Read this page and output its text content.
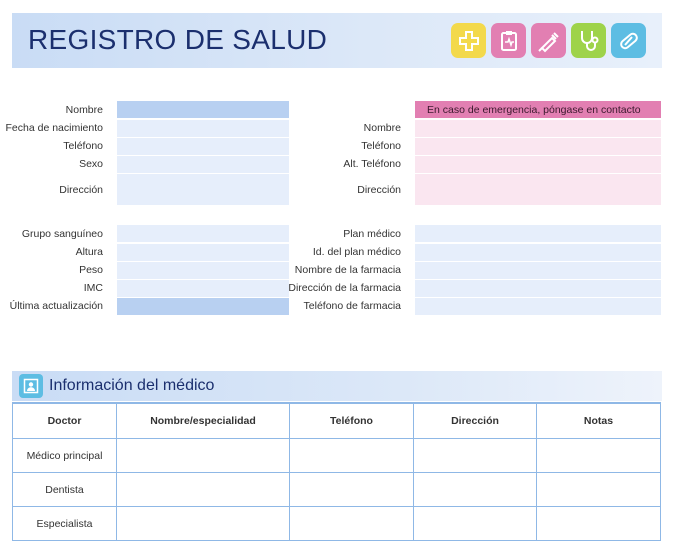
REGISTRO DE SALUD
Nombre
Fecha de nacimiento
Teléfono
Sexo
Dirección
En caso de emergencia, póngase en contacto
Nombre
Teléfono
Alt. Teléfono
Dirección
Grupo sanguíneo
Altura
Peso
IMC
Última actualización
Plan médico
Id. del plan médico
Nombre de la farmacia
Dirección de la farmacia
Teléfono de farmacia
Información del médico
Doctor	Nombre/especialidad	Teléfono	Dirección	Notas
Médico principal				
Dentista				
Especialista				
